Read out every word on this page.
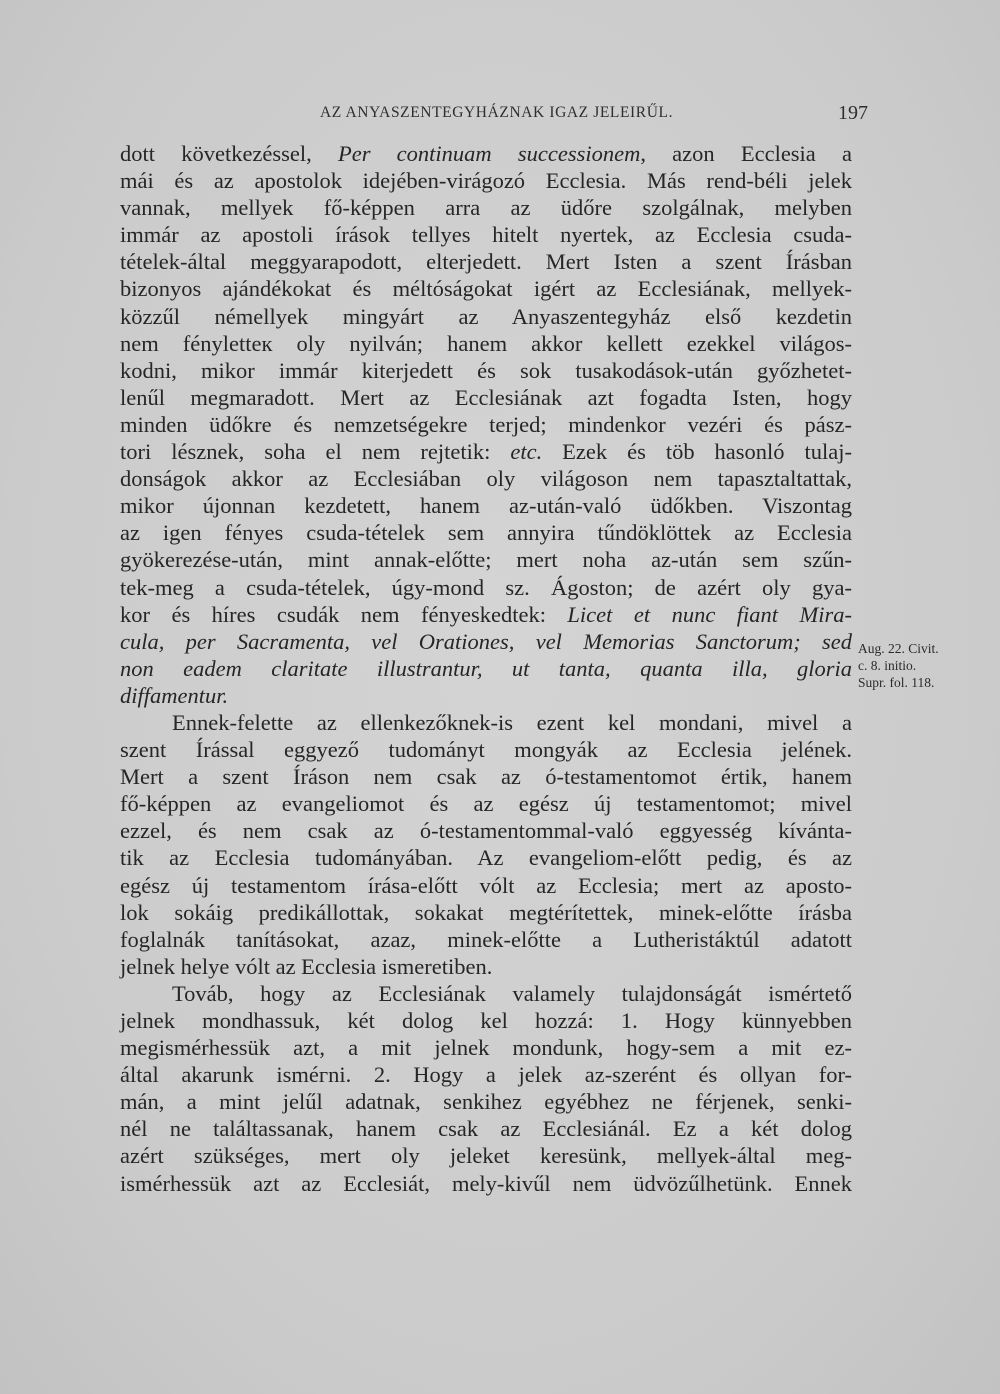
AZ ANYASZENTEGYHÁZNAK IGAZ JELEIRŰL.	197
dott következéssel, Per continuam successionem, azon Ecclesia a
mái és az apostolok idejében-virágozó Ecclesia. Más rend-béli jelek
vannak, mellyek fő-képpen arra az üdőre szolgálnak, melyben
immár az apostoli írások tellyes hitelt nyertek, az Ecclesia csuda-
tételek-által meggyarapodott, elterjedett. Mert Isten a szent Írásban
bizonyos ajándékokat és méltóságokat igért az Ecclesiának, mellyek-
közzűl némellyek mingyárt az Anyaszentegyház első kezdetin
nem fényletteк oly nyilván; hanem akkor kellett ezekkel világos-
kodni, mikor immár kiterjedett és sok tusakodások-után győzhetet-
lenűl megmaradott. Mert az Ecclesiának azt fogadta Isten, hogy
minden üdőkre és nemzetségekre terjed; mindenkor vezéri és pász-
tori lésznek, soha el nem rejtetik: etc. Ezek és töb hasonló tulaj-
donságok akkor az Ecclesiában oly világoson nem tapasztaltattak,
mikor újonnan kezdetett, hanem az-után-való üdőkben. Viszontag
az igen fényes csuda-tételek sem annyira tűndöklöttek az Ecclesia
gyökerezése-után, mint annak-előtte; mert noha az-után sem szűn-
tek-meg a csuda-tételek, úgy-mond sz. Ágoston; de azért oly gya-
kor és híres csudák nem fényeskedtek: Licet et nunc fiant Mira-
cula, per Sacramenta, vel Orationes, vel Memorias Sanctorum; sed
non eadem claritate illustrantur, ut tanta, quanta illa, gloria
diffamentur.
Ennek-felette az ellenkezőknek-is ezent kel mondani, mivel a
szent Írással eggyező tudományt mongyák az Ecclesia jelének.
Mert a szent Íráson nem csak az ó-testamentomot értik, hanem
fő-képpen az evangeliomot és az egész új testamentomot; mivel
ezzel, és nem csak az ó-testamentommal-való eggyesség kívánta-
tik az Ecclesia tudományában. Az evangeliom-előtt pedig, és az
egész új testamentom írása-előtt vólt az Ecclesia; mert az aposto-
lok sokáig predikállottak, sokakat megtérítettek, minek-előtte írásba
foglalnák tanításokat, azaz, minek-előtte a Lutheristáktúl adatott
jelnek helye vólt az Ecclesia ismeretiben.
Továb, hogy az Ecclesiának valamely tulajdonságát ismértető
jelnek mondhassuk, két dolog kel hozzá: 1. Hogy künnyebben
megismérhessük azt, a mit jelnek mondunk, hogy-sem a mit ez-
által akarunk isméгni. 2. Hogy a jelek az-szerént és ollyan for-
mán, a mint jelűl adatnak, senkihez egyébhez ne férjenek, senki-
nél ne találtassanak, hanem csak az Ecclesiánál. Ez a két dolog
azért szükséges, mert oly jeleket keresünk, mellyek-által meg-
ismérhessük azt az Ecclesiát, mely-kivűl nem üdvözűlhetünk. Ennek
Aug. 22. Civit.
c. 8. initio.
Supr. fol. 118.
